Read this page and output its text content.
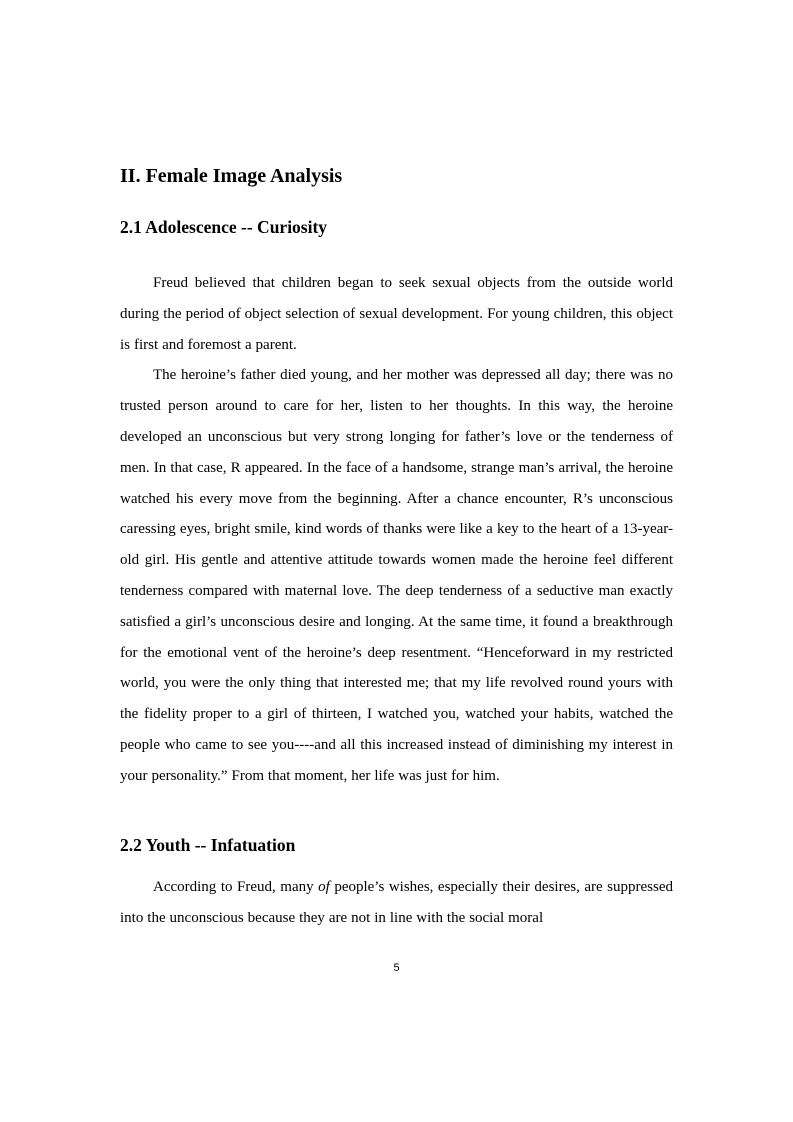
II. Female Image Analysis
2.1 Adolescence -- Curiosity

Freud believed that children began to seek sexual objects from the outside world during the period of object selection of sexual development. For young children, this object is first and foremost a parent.

The heroine’s father died young, and her mother was depressed all day; there was no trusted person around to care for her, listen to her thoughts. In this way, the heroine developed an unconscious but very strong longing for father’s love or the tenderness of men. In that case, R appeared. In the face of a handsome, strange man’s arrival, the heroine watched his every move from the beginning. After a chance encounter, R’s unconscious caressing eyes, bright smile, kind words of thanks were like a key to the heart of a 13-year-old girl. His gentle and attentive attitude towards women made the heroine feel different tenderness compared with maternal love. The deep tenderness of a seductive man exactly satisfied a girl’s unconscious desire and longing. At the same time, it found a breakthrough for the emotional vent of the heroine’s deep resentment. “Henceforward in my restricted world, you were the only thing that interested me; that my life revolved round yours with the fidelity proper to a girl of thirteen, I watched you, watched your habits, watched the people who came to see you----and all this increased instead of diminishing my interest in your personality.” From that moment, her life was just for him.

2.2 Youth -- Infatuation

According to Freud, many of people’s wishes, especially their desires, are suppressed into the unconscious because they are not in line with the social moral

5
